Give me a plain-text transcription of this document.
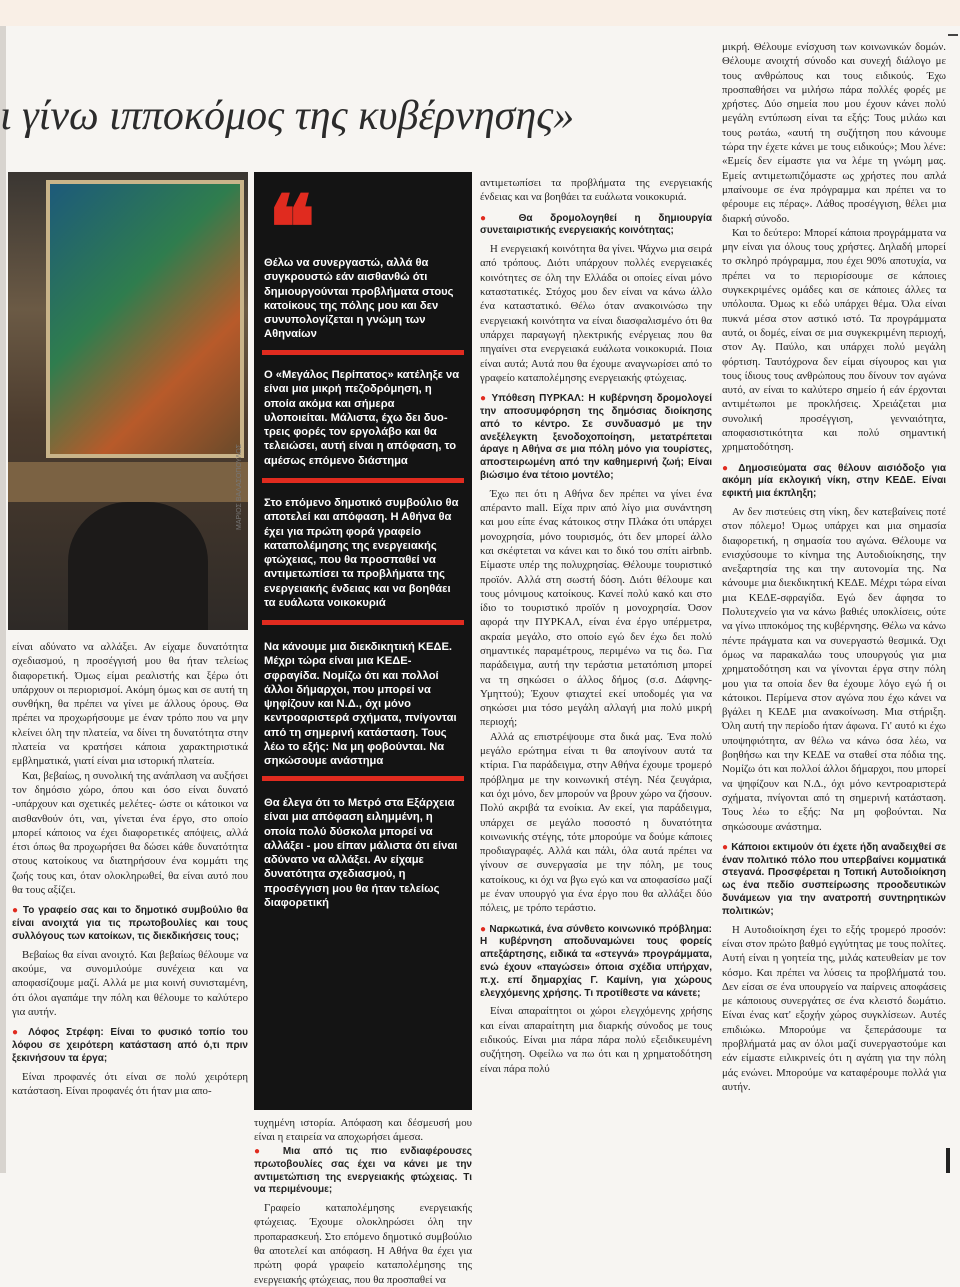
ι γίνω ιπποκόμος της κυβέρνησης»
ΜΑΡΙΟΣ ΒΑΛΑΣΟΠΟΥΛΟΣ
❝

Θέλω να συνεργαστώ, αλλά θα συγκρουστώ εάν αισθανθώ ότι δημιουργούνται προβλήματα στους κατοίκους της πόλης μου και δεν συνυπολογίζεται η γνώμη των Αθηναίων

Ο «Μεγάλος Περίπατος» κατέληξε να είναι μια μικρή πεζοδρόμηση, η οποία ακόμα και σήμερα υλοποιείται. Μάλιστα, έχω δει δυο-τρεις φορές τον εργολάβο και θα τελειώσει, αυτή είναι η απόφαση, το αμέσως επόμενο διάστημα

Στο επόμενο δημοτικό συμβούλιο θα αποτελεί και απόφαση. Η Αθήνα θα έχει για πρώτη φορά γραφείο καταπολέμησης της ενεργειακής φτώχειας, που θα προσπαθεί να αντιμετωπίσει τα προβλήματα της ενεργειακής ένδειας και να βοηθάει τα ευάλωτα νοικοκυριά

Να κάνουμε μια διεκδικητική ΚΕΔΕ. Μέχρι τώρα είναι μια ΚΕΔΕ-σφραγίδα. Νομίζω ότι και πολλοί άλλοι δήμαρχοι, που μπορεί να ψηφίζουν και Ν.Δ., όχι μόνο κεντροαριστερά σχήματα, πνίγονται από τη σημερινή κατάσταση. Τους λέω το εξής: Να μη φοβούνται. Να σηκώσουμε ανάστημα

Θα έλεγα ότι το Μετρό στα Εξάρχεια είναι μια απόφαση ειλημμένη, η οποία πολύ δύσκολα μπορεί να αλλάξει - μου είπαν μάλιστα ότι είναι αδύνατο να αλλάξει. Αν είχαμε δυνατότητα σχεδιασμού, η προσέγγιση μου θα ήταν τελείως διαφορετική

είναι αδύνατο να αλλάξει. Αν είχαμε δυνατότητα σχεδιασμού, η προσέγγισή μου θα ήταν τελείως διαφορετική. Όμως είμαι ρεαλιστής και ξέρω ότι υπάρχουν οι περιορισμοί. Ακόμη όμως και σε αυτή τη συνθήκη, θα πρέπει να γίνει με άλλους όρους. Θα πρέπει να προχωρήσουμε με έναν τρόπο που να μην κλείνει όλη την πλατεία, να δίνει τη δυνατότητα στην πλατεία να κρατήσει κάποια χαρακτηριστικά εμβληματικά, γιατί είναι μια ιστορική πλατεία.

Και, βεβαίως, η συνολική της ανάπλαση να αυξήσει τον δημόσιο χώρο, όπου και όσο είναι δυνατό -υπάρχουν και σχετικές μελέτες- ώστε οι κάτοικοι να αισθανθούν ότι, ναι, γίνεται ένα έργο, στο οποίο μπορεί κάποιος να έχει διαφορετικές απόψεις, αλλά έτσι όπως θα προχωρήσει θα δώσει κάθε δυνατότητα στους κατοίκους να διατηρήσουν ένα κομμάτι της ζωής τους και, όταν ολοκληρωθεί, θα είναι αυτό που θα τους αξίζει.

● Το γραφείο σας και το δημοτικό συμβούλιο θα είναι ανοιχτά για τις πρωτοβουλίες και τους συλλόγους των κατοίκων, τις διεκδικήσεις τους;

Βεβαίως θα είναι ανοιχτό. Και βεβαίως θέλουμε να ακούμε, να συνομιλούμε συνέχεια και να αποφασίζουμε μαζί. Αλλά με μια κοινή συνισταμένη, ότι όλοι αγαπάμε την πόλη και θέλουμε το καλύτερο για αυτήν.

● Λόφος Στρέφη: Είναι το φυσικό τοπίο του λόφου σε χειρότερη κατάσταση από ό,τι πριν ξεκινήσουν τα έργα;

Είναι προφανές ότι είναι σε πολύ χειρότερη κατάσταση. Είναι προφανές ότι ήταν μια απο-

τυχημένη ιστορία. Απόφαση και δέσμευσή μου είναι η εταιρεία να αποχωρήσει άμεσα.

● Μια από τις πιο ενδιαφέρουσες πρωτοβουλίες σας έχει να κάνει με την αντιμετώπιση της ενεργειακής φτώχειας. Τι να περιμένουμε;

Γραφείο καταπολέμησης ενεργειακής φτώχειας. Έχουμε ολοκληρώσει όλη την προπαρασκευή. Στο επόμενο δημοτικό συμβούλιο θα αποτελεί και απόφαση. Η Αθήνα θα έχει για πρώτη φορά γραφείο καταπολέμησης της ενεργειακής φτώχειας, που θα προσπαθεί να

αντιμετωπίσει τα προβλήματα της ενεργειακής ένδειας και να βοηθάει τα ευάλωτα νοικοκυριά.

● Θα δρομολογηθεί η δημιουργία συνεταιριστικής ενεργειακής κοινότητας;

Η ενεργειακή κοινότητα θα γίνει. Ψάχνω μια σειρά από τρόπους. Διότι υπάρχουν πολλές ενεργειακές κοινότητες σε όλη την Ελλάδα οι οποίες είναι μόνο καταστατικές. Στόχος μου δεν είναι να κάνω άλλο ένα καταστατικό. Θέλω όταν ανακοινώσω την ενεργειακή κοινότητα να είναι διασφαλισμένο ότι θα υπάρχει παραγωγή ηλεκτρικής ενέργειας που θα πηγαίνει στα ενεργειακά ευάλωτα νοικοκυριά. Ποια είναι αυτά; Αυτά που θα έχουμε αναγνωρίσει από το γραφείο καταπολέμησης ενεργειακής φτώχειας.

● Υπόθεση ΠΥΡΚΑΛ: Η κυβέρνηση δρομολογεί την αποσυμφόρηση της δημόσιας διοίκησης από το κέντρο. Σε συνδυασμό με την ανεξέλεγκτη ξενοδοχοποίηση, μετατρέπεται άραγε η Αθήνα σε μια πόλη μόνο για τουρίστες, αποστειρωμένη από την καθημερινή ζωή; Είναι βιώσιμο ένα τέτοιο μοντέλο;

Έχω πει ότι η Αθήνα δεν πρέπει να γίνει ένα απέραντο mall. Είχα πριν από λίγο μια συνάντηση και μου είπε ένας κάτοικος στην Πλάκα ότι υπάρχει μονοχρησία, μόνο τουρισμός, ότι δεν μπορεί άλλο και σκέφτεται να κάνει και το δικό του σπίτι airbnb. Είμαστε υπέρ της πολυχρησίας. Θέλουμε τουριστικό προϊόν. Αλλά στη σωστή δόση. Διότι θέλουμε και τους μόνιμους κατοίκους. Κανεί πολύ κακό και στο ίδιο το τουριστικό προϊόν η μονοχρησία. Όσον αφορά την ΠΥΡΚΑΛ, είναι ένα έργο υπέρμετρα, ακραία μεγάλο, στο οποίο εγώ δεν έχω δει πολύ σημαντικές παραμέτρους, περιμένω να τις δω. Για παράδειγμα, αυτή την τεράστια μετατόπιση μπορεί να τη σηκώσει ο άλλος δήμος (σ.σ. Δάφνης-Υμηττού); Έχουν φτιαχτεί εκεί υποδομές για να σηκώσει μια τόσο μεγάλη αλλαγή μια πολύ μικρή περιοχή;

Αλλά ας επιστρέψουμε στα δικά μας. Ένα πολύ μεγάλο ερώτημα είναι τι θα απογίνουν αυτά τα κτίρια. Για παράδειγμα, στην Αθήνα έχουμε τρομερό πρόβλημα με την κοινωνική στέγη. Νέα ζευγάρια, και όχι μόνο, δεν μπορούν να βρουν χώρο να ζήσουν. Πολύ ακριβά τα ενοίκια. Αν εκεί, για παράδειγμα, υπάρχει σε μεγάλο ποσοστό η δυνατότητα κοινωνικής στέγης, τότε μπορούμε να δούμε κάποιες προδιαγραφές. Αλλά και πάλι, όλα αυτά πρέπει να γίνουν σε συνεργασία με την πόλη, με τους κατοίκους, κι όχι να βγω εγώ και να αποφασίσω μαζί με έναν υπουργό για ένα έργο που θα αλλάξει δύο πόλεις, με τρόπο τεράστιο.

● Ναρκωτικά, ένα σύνθετο κοινωνικό πρόβλημα: Η κυβέρνηση αποδυναμώνει τους φορείς απεξάρτησης, ειδικά τα «στεγνά» προγράμματα, ενώ έχουν «παγώσει» όποια σχέδια υπήρχαν, π.χ. επί δημαρχίας Γ. Καμίνη, για χώρους ελεγχόμενης χρήσης. Τι προτίθεστε να κάνετε;

Είναι απαραίτητοι οι χώροι ελεγχόμενης χρήσης και είναι απαραίτητη μια διαρκής σύνοδος με τους ειδικούς. Είναι μια πάρα πάρα πολύ εξειδικευμένη συζήτηση. Οφείλω να πω ότι και η χρηματοδότηση είναι πάρα πολύ

μικρή. Θέλουμε ενίσχυση των κοινωνικών δομών. Θέλουμε ανοιχτή σύνοδο και συνεχή διάλογο με τους ανθρώπους και τους ειδικούς. Έχω προσπαθήσει να μιλήσω πάρα πολλές φορές με χρήστες. Δύο σημεία που μου έχουν κάνει πολύ μεγάλη εντύπωση είναι τα εξής: Τους μιλάω και τους ρωτάω, «αυτή τη συζήτηση που κάνουμε τώρα την έχετε κάνει με τους ειδικούς»; Μου λένε: «Εμείς δεν είμαστε για να λέμε τη γνώμη μας. Εμείς αντιμετωπιζόμαστε ως χρήστες που απλά μπαίνουμε σε ένα πρόγραμμα και πρέπει να το φέρουμε εις πέρας». Λάθος προσέγγιση, θέλει μια διαρκή σύνοδο.

Και το δεύτερο: Μπορεί κάποια προγράμματα να μην είναι για όλους τους χρήστες. Δηλαδή μπορεί το σκληρό πρόγραμμα, που έχει 90% αποτυχία, να πρέπει να το περιορίσουμε σε κάποιες συγκεκριμένες ομάδες και σε κάποιες άλλες τα υπόλοιπα. Όμως κι εδώ υπάρχει θέμα. Όλα είναι πυκνά μέσα στον αστικό ιστό. Τα προγράμματα αυτά, οι δομές, είναι σε μια συγκεκριμένη περιοχή, στον Αγ. Παύλο, και υπάρχει πολύ μεγάλη φόρτιση. Ταυτόχρονα δεν είμαι σίγουρος και για τους ίδιους τους ανθρώπους που δίνουν τον αγώνα αυτό, αν είναι το καλύτερο σημείο ή εάν έρχονται αντιμέτωποι με προκλήσεις. Χρειάζεται μια συνολική προσέγγιση, γενναιότητα, αποφασιστικότητα και πολύ σημαντική χρηματοδότηση.

● Δημοσιεύματα σας θέλουν αισιόδοξο για ακόμη μία εκλογική νίκη, στην ΚΕΔΕ. Είναι εφικτή μια έκπληξη;

Αν δεν πιστεύεις στη νίκη, δεν κατεβαίνεις ποτέ στον πόλεμο! Όμως υπάρχει και μια σημασία διαφορετική, η σημασία του αγώνα. Θέλουμε να ενισχύσουμε το κίνημα της Αυτοδιοίκησης, την ανεξαρτησία της και την αυτονομία της. Να κάνουμε μια διεκδικητική ΚΕΔΕ. Μέχρι τώρα είναι μια ΚΕΔΕ-σφραγίδα. Εγώ δεν άφησα το Πολυτεχνείο για να κάνω βαθιές υποκλίσεις, ούτε να γίνω ιπποκόμος της κυβέρνησης. Θέλω να κάνω πέντε πράγματα και να συνεργαστώ θεσμικά. Όχι όμως να παρακαλάω τους υπουργούς για μια χρηματοδότηση και να γίνονται έργα στην πόλη μου για τα οποία δεν θα έχουμε λόγο εγώ ή οι κάτοικοι. Περίμενα στον αγώνα που έχω κάνει να βγάλει η ΚΕΔΕ μια ανακοίνωση. Μια στήριξη. Όλη αυτή την περίοδο ήταν άφωνα. Γι' αυτό κι έχω υποψηφιότητα, αν θέλω να κάνω όσα λέω, να βοηθήσω και την ΚΕΔΕ να σταθεί στα πόδια της. Νομίζω ότι και πολλοί άλλοι δήμαρχοι, που μπορεί να ψηφίζουν και Ν.Δ., όχι μόνο κεντροαριστερά σχήματα, πνίγονται από τη σημερινή κατάσταση. Τους λέω το εξής: Να μη φοβούνται. Να σηκώσουμε ανάστημα.

● Κάποιοι εκτιμούν ότι έχετε ήδη αναδειχθεί σε έναν πολιτικό πόλο που υπερβαίνει κομματικά στεγανά. Προσφέρεται η Τοπική Αυτοδιοίκηση ως ένα πεδίο συσπείρωσης προοδευτικών δυνάμεων για την ανατροπή συντηρητικών πολιτικών;

Η Αυτοδιοίκηση έχει το εξής τρομερό προσόν: είναι στον πρώτο βαθμό εγγύτητας με τους πολίτες. Αυτή είναι η γοητεία της, μιλάς κατευθείαν με τον κόσμο. Και πρέπει να λύσεις τα προβλήματά του. Δεν είσαι σε ένα υπουργείο να παίρνεις αποφάσεις με κάποιους συνεργάτες σε ένα κλειστό δωμάτιο. Είναι ένας κατ' εξοχήν χώρος συγκλίσεων. Αυτές επιδιώκω. Μπορούμε να ξεπεράσουμε τα προβλήματά μας αν όλοι μαζί συνεργαστούμε και εάν είμαστε ειλικρινείς ότι η αγάπη για την πόλη μάς ενώνει. Μπορούμε να καταφέρουμε πολλά για αυτήν.
